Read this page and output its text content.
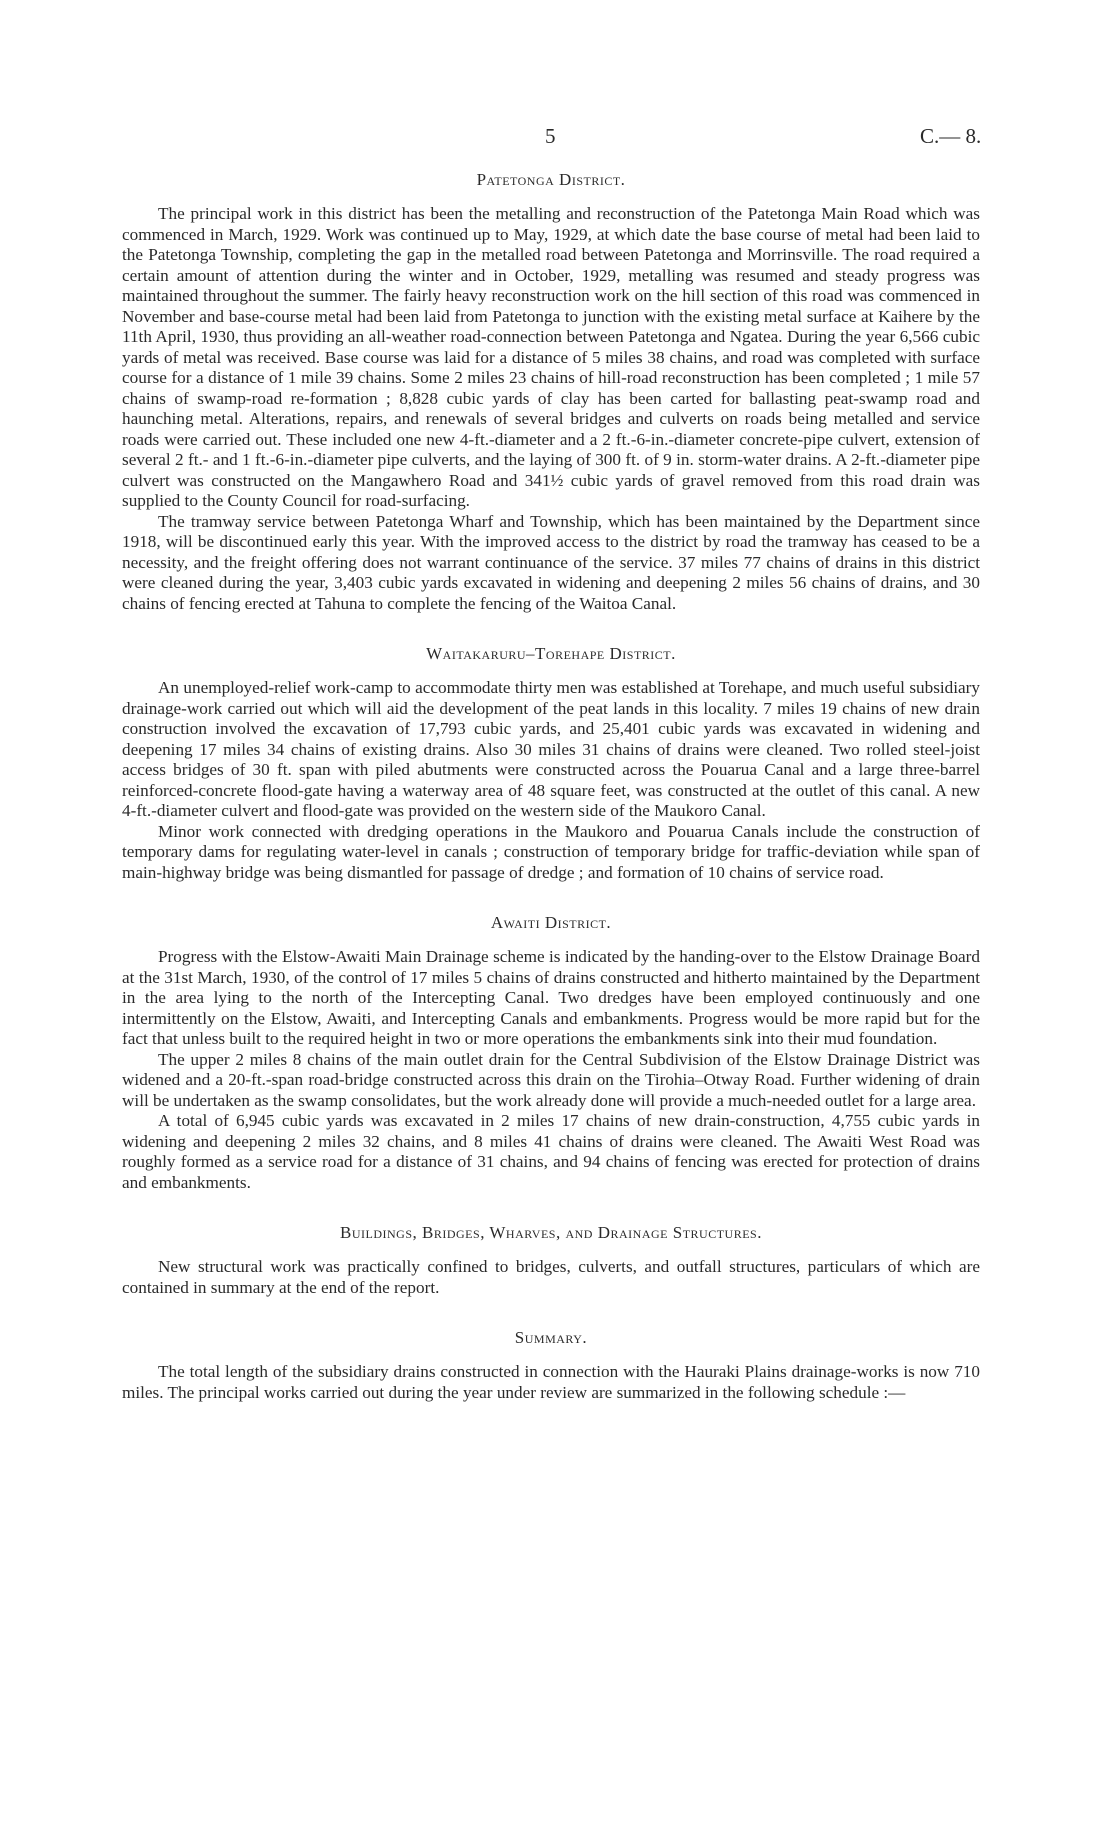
5	C.— 8.
Patetonga District.

The principal work in this district has been the metalling and reconstruction of the Patetonga Main Road which was commenced in March, 1929. Work was continued up to May, 1929, at which date the base course of metal had been laid to the Patetonga Township, completing the gap in the metalled road between Patetonga and Morrinsville. The road required a certain amount of attention during the winter and in October, 1929, metalling was resumed and steady progress was maintained throughout the summer. The fairly heavy reconstruction work on the hill section of this road was commenced in November and base-course metal had been laid from Patetonga to junction with the existing metal surface at Kaihere by the 11th April, 1930, thus providing an all-weather road-connection between Patetonga and Ngatea. During the year 6,566 cubic yards of metal was received. Base course was laid for a distance of 5 miles 38 chains, and road was completed with surface course for a distance of 1 mile 39 chains. Some 2 miles 23 chains of hill-road reconstruction has been completed ; 1 mile 57 chains of swamp-road re-formation ; 8,828 cubic yards of clay has been carted for ballasting peat-swamp road and haunching metal. Alterations, repairs, and renewals of several bridges and culverts on roads being metalled and service roads were carried out. These included one new 4-ft.-diameter and a 2 ft.-6-in.-diameter concrete-pipe culvert, extension of several 2 ft.- and 1 ft.-6-in.-diameter pipe culverts, and the laying of 300 ft. of 9 in. storm-water drains. A 2-ft.-diameter pipe culvert was constructed on the Mangawhero Road and 341½ cubic yards of gravel removed from this road drain was supplied to the County Council for road-surfacing.

The tramway service between Patetonga Wharf and Township, which has been maintained by the Department since 1918, will be discontinued early this year. With the improved access to the district by road the tramway has ceased to be a necessity, and the freight offering does not warrant continuance of the service. 37 miles 77 chains of drains in this district were cleaned during the year, 3,403 cubic yards excavated in widening and deepening 2 miles 56 chains of drains, and 30 chains of fencing erected at Tahuna to complete the fencing of the Waitoa Canal.

Waitakaruru–Torehape District.

An unemployed-relief work-camp to accommodate thirty men was established at Torehape, and much useful subsidiary drainage-work carried out which will aid the development of the peat lands in this locality. 7 miles 19 chains of new drain construction involved the excavation of 17,793 cubic yards, and 25,401 cubic yards was excavated in widening and deepening 17 miles 34 chains of existing drains. Also 30 miles 31 chains of drains were cleaned. Two rolled steel-joist access bridges of 30 ft. span with piled abutments were constructed across the Pouarua Canal and a large three-barrel reinforced-concrete flood-gate having a waterway area of 48 square feet, was constructed at the outlet of this canal. A new 4-ft.-diameter culvert and flood-gate was provided on the western side of the Maukoro Canal.

Minor work connected with dredging operations in the Maukoro and Pouarua Canals include the construction of temporary dams for regulating water-level in canals ; construction of temporary bridge for traffic-deviation while span of main-highway bridge was being dismantled for passage of dredge ; and formation of 10 chains of service road.

Awaiti District.

Progress with the Elstow-Awaiti Main Drainage scheme is indicated by the handing-over to the Elstow Drainage Board at the 31st March, 1930, of the control of 17 miles 5 chains of drains constructed and hitherto maintained by the Department in the area lying to the north of the Intercepting Canal. Two dredges have been employed continuously and one intermittently on the Elstow, Awaiti, and Intercepting Canals and embankments. Progress would be more rapid but for the fact that unless built to the required height in two or more operations the embankments sink into their mud foundation.

The upper 2 miles 8 chains of the main outlet drain for the Central Subdivision of the Elstow Drainage District was widened and a 20-ft.-span road-bridge constructed across this drain on the Tirohia–Otway Road. Further widening of drain will be undertaken as the swamp consolidates, but the work already done will provide a much-needed outlet for a large area.

A total of 6,945 cubic yards was excavated in 2 miles 17 chains of new drain-construction, 4,755 cubic yards in widening and deepening 2 miles 32 chains, and 8 miles 41 chains of drains were cleaned. The Awaiti West Road was roughly formed as a service road for a distance of 31 chains, and 94 chains of fencing was erected for protection of drains and embankments.

Buildings, Bridges, Wharves, and Drainage Structures.

New structural work was practically confined to bridges, culverts, and outfall structures, particulars of which are contained in summary at the end of the report.

Summary.

The total length of the subsidiary drains constructed in connection with the Hauraki Plains drainage-works is now 710 miles. The principal works carried out during the year under review are summarized in the following schedule :—
